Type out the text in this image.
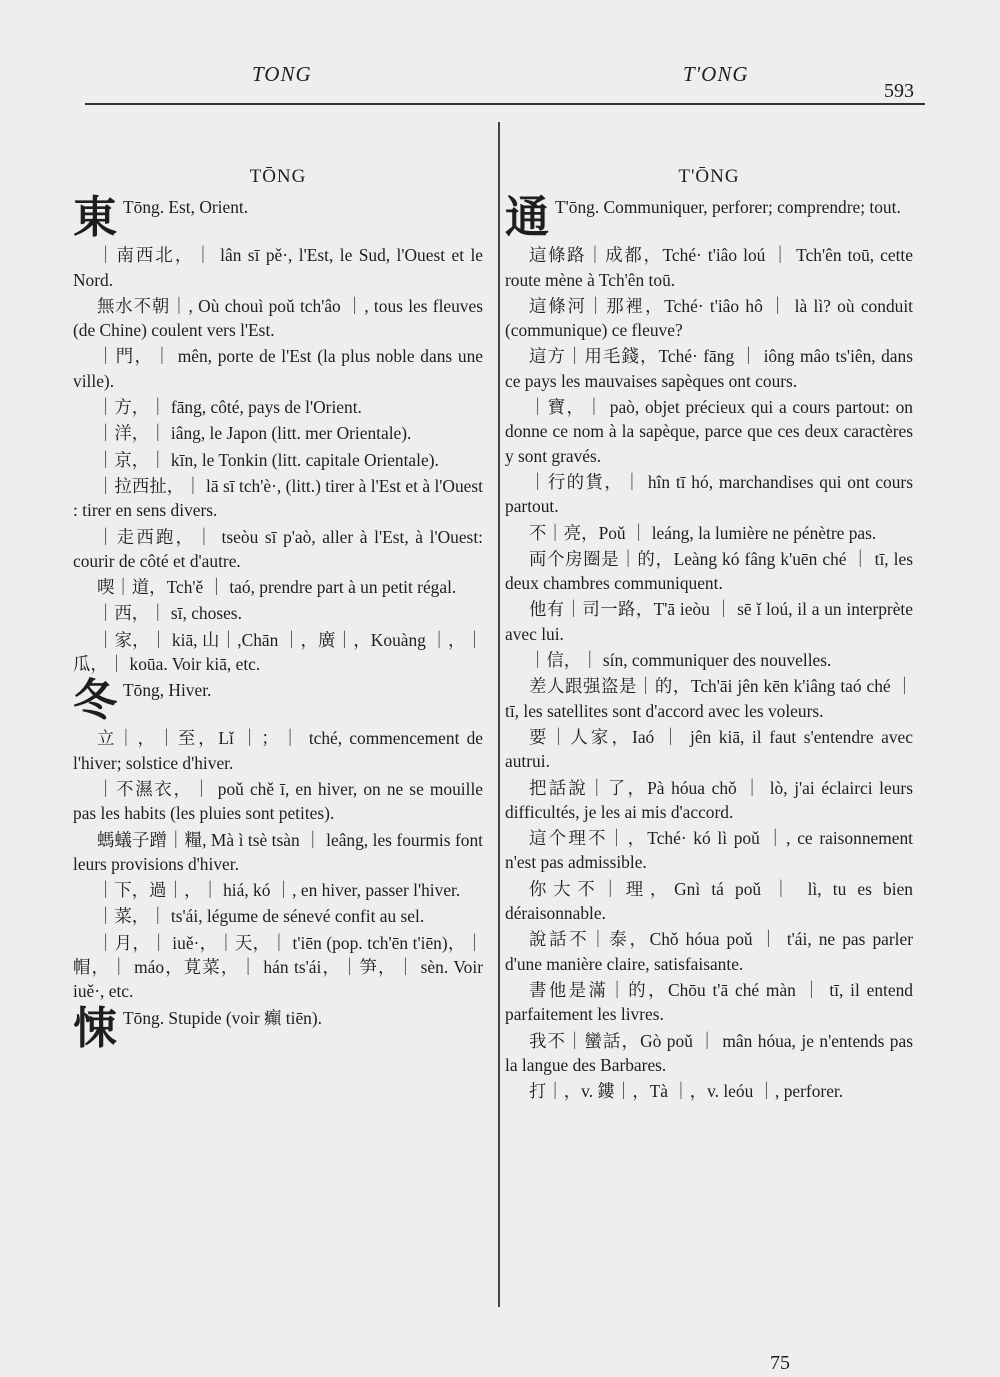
TONG	T'ONG
593
TŌNG
東 Tōng. Est, Orient.
｜南西北，｜ lân sī pě·, l'Est, le Sud, l'Ouest et le Nord.
無水不朝｜, Où chouì poǔ tch'âo ｜, tous les fleuves (de Chine) coulent vers l'Est.
｜門，｜ mên, porte de l'Est (la plus noble dans une ville).
｜方，｜ fāng, côté, pays de l'Orient.
｜洋，｜ iâng, le Japon (litt. mer Orientale).
｜京，｜ kīn, le Tonkin (litt. capitale Orientale).
｜拉西扯，｜ lā sī tch'è·, (litt.) tirer à l'Est et à l'Ouest : tirer en sens divers.
｜走西跑，｜ tseòu sī p'aò, aller à l'Est, à l'Ouest: courir de côté et d'autre.
喫｜道，Tch'ě ｜ taó, prendre part à un petit régal.
｜西，｜ sī, choses.
｜家，｜ kiā, 山｜,Chān ｜，廣｜，Kouàng ｜，｜瓜，｜ koūa. Voir kiā, etc.
冬 Tōng, Hiver.
立｜，｜至，Lǐ ｜；｜ tché, commencement de l'hiver; solstice d'hiver.
｜不濕衣，｜ poǔ chě ī, en hiver, on ne se mouille pas les habits (les pluies sont petites).
螞蟻子蹭｜糧, Mà ì tsè tsàn ｜ leâng, les fourmis font leurs provisions d'hiver.
｜下，過｜，｜ hiá, kó ｜, en hiver, passer l'hiver.
｜菜，｜ ts'ái, légume de sénevé confit au sel.
｜月，｜ iuě·，｜天，｜ t'iēn (pop. tch'ēn t'iēn)，｜帽，｜ máo，莧菜，｜ hán ts'ái，｜笋，｜ sèn. Voir iuě·, etc.
悚 Tōng. Stupide (voir 癲 tiēn).
T'ŌNG
通 T'ōng. Communiquer, perforer; comprendre; tout.
這條路｜成都，Tché· t'iâo loú ｜ Tch'ên toū, cette route mène à Tch'ên toū.
這條河｜那裡，Tché· t'iâo hô ｜ là lì? où conduit (communique) ce fleuve?
這方｜用毛錢，Tché· fāng ｜ iông mâo ts'iên, dans ce pays les mauvaises sapèques ont cours.
｜寶，｜ paò, objet précieux qui a cours partout: on donne ce nom à la sapèque, parce que ces deux caractères y sont gravés.
｜行的貨，｜ hîn tī hó, marchandises qui ont cours partout.
不｜亮，Poǔ ｜ leáng, la lumière ne pénètre pas.
両个房圈是｜的，Leàng kó fâng k'uēn ché ｜ tī, les deux chambres communiquent.
他有｜司一路，T'ā ieòu ｜ sē ǐ loú, il a un interprète avec lui.
｜信，｜ sín, communiquer des nouvelles.
差人跟强盗是｜的，Tch'āi jên kēn k'iâng taó ché ｜ tī, les satellites sont d'accord avec les voleurs.
要｜人家，Iaó ｜ jên kiā, il faut s'entendre avec autrui.
把話說｜了，Pà hóua chǒ ｜ lò, j'ai éclairci leurs difficultés, je les ai mis d'accord.
這个理不｜，Tché· kó lì poǔ ｜, ce raisonnement n'est pas admissible.
你大不｜理，Gnì tá poǔ ｜ lì, tu es bien déraisonnable.
說話不｜泰，Chǒ hóua poǔ ｜ t'ái, ne pas parler d'une manière claire, satisfaisante.
書他是滿｜的，Chōu t'ā ché màn ｜ tī, il entend parfaitement les livres.
我不｜蠻話，Gò poǔ ｜ mân hóua, je n'entends pas la langue des Barbares.
打｜，v. 鏤｜，Tà ｜，v. leóu ｜, perforer.
75
